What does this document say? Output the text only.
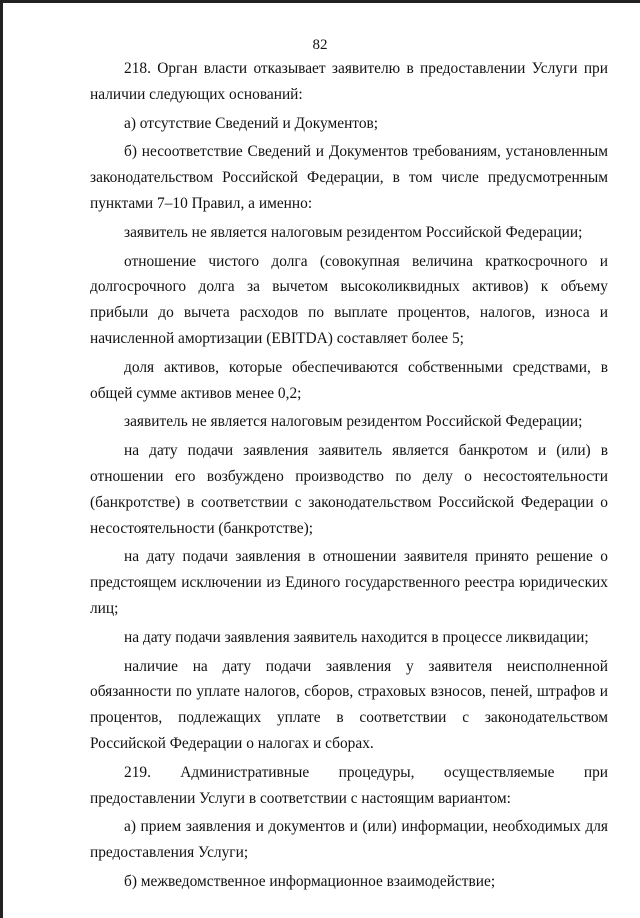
82

218. Орган власти отказывает заявителю в предоставлении Услуги при наличии следующих оснований:

а) отсутствие Сведений и Документов;

б) несоответствие Сведений и Документов требованиям, установленным законодательством Российской Федерации, в том числе предусмотренным пунктами 7–10 Правил, а именно:

заявитель не является налоговым резидентом Российской Федерации;

отношение чистого долга (совокупная величина краткосрочного и долгосрочного долга за вычетом высоколиквидных активов) к объему прибыли до вычета расходов по выплате процентов, налогов, износа и начисленной амортизации (EBITDA) составляет более 5;

доля активов, которые обеспечиваются собственными средствами, в общей сумме активов менее 0,2;

заявитель не является налоговым резидентом Российской Федерации;

на дату подачи заявления заявитель является банкротом и (или) в отношении его возбуждено производство по делу о несостоятельности (банкротстве) в соответствии с законодательством Российской Федерации о несостоятельности (банкротстве);

на дату подачи заявления в отношении заявителя принято решение о предстоящем исключении из Единого государственного реестра юридических лиц;

на дату подачи заявления заявитель находится в процессе ликвидации;

наличие на дату подачи заявления у заявителя неисполненной обязанности по уплате налогов, сборов, страховых взносов, пеней, штрафов и процентов, подлежащих уплате в соответствии с законодательством Российской Федерации о налогах и сборах.

219. Административные процедуры, осуществляемые при предоставлении Услуги в соответствии с настоящим вариантом:

а) прием заявления и документов и (или) информации, необходимых для предоставления Услуги;

б) межведомственное информационное взаимодействие;
